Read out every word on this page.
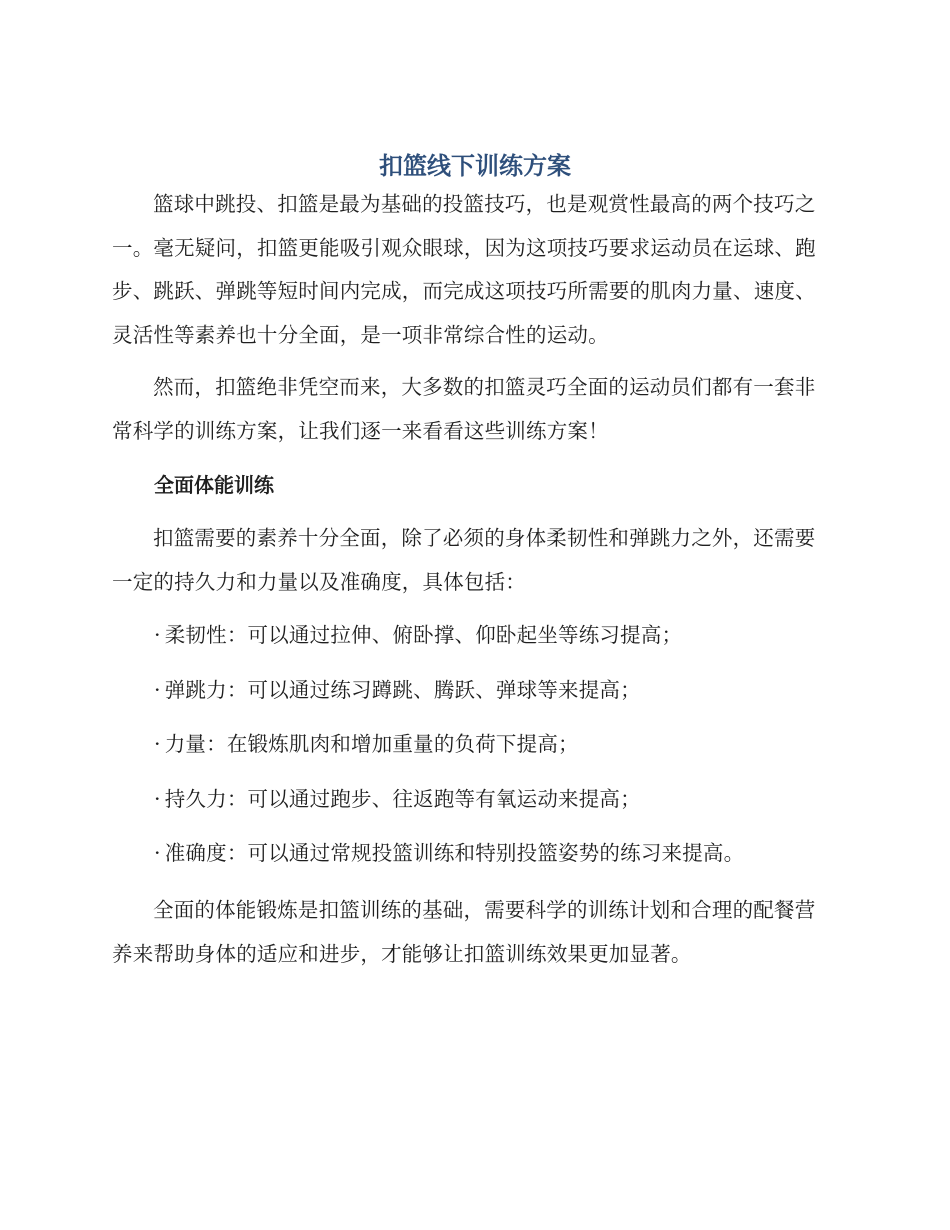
扣篮线下训练方案

篮球中跳投、扣篮是最为基础的投篮技巧，也是观赏性最高的两个技巧之一。毫无疑问，扣篮更能吸引观众眼球，因为这项技巧要求运动员在运球、跑步、跳跃、弹跳等短时间内完成，而完成这项技巧所需要的肌肉力量、速度、灵活性等素养也十分全面，是一项非常综合性的运动。

然而，扣篮绝非凭空而来，大多数的扣篮灵巧全面的运动员们都有一套非常科学的训练方案，让我们逐一来看看这些训练方案！

全面体能训练

扣篮需要的素养十分全面，除了必须的身体柔韧性和弹跳力之外，还需要一定的持久力和力量以及准确度，具体包括：

· 柔韧性：可以通过拉伸、俯卧撑、仰卧起坐等练习提高；
· 弹跳力：可以通过练习蹲跳、腾跃、弹球等来提高；
· 力量：在锻炼肌肉和增加重量的负荷下提高；
· 持久力：可以通过跑步、往返跑等有氧运动来提高；
· 准确度：可以通过常规投篮训练和特别投篮姿势的练习来提高。

全面的体能锻炼是扣篮训练的基础，需要科学的训练计划和合理的配餐营养来帮助身体的适应和进步，才能够让扣篮训练效果更加显著。
